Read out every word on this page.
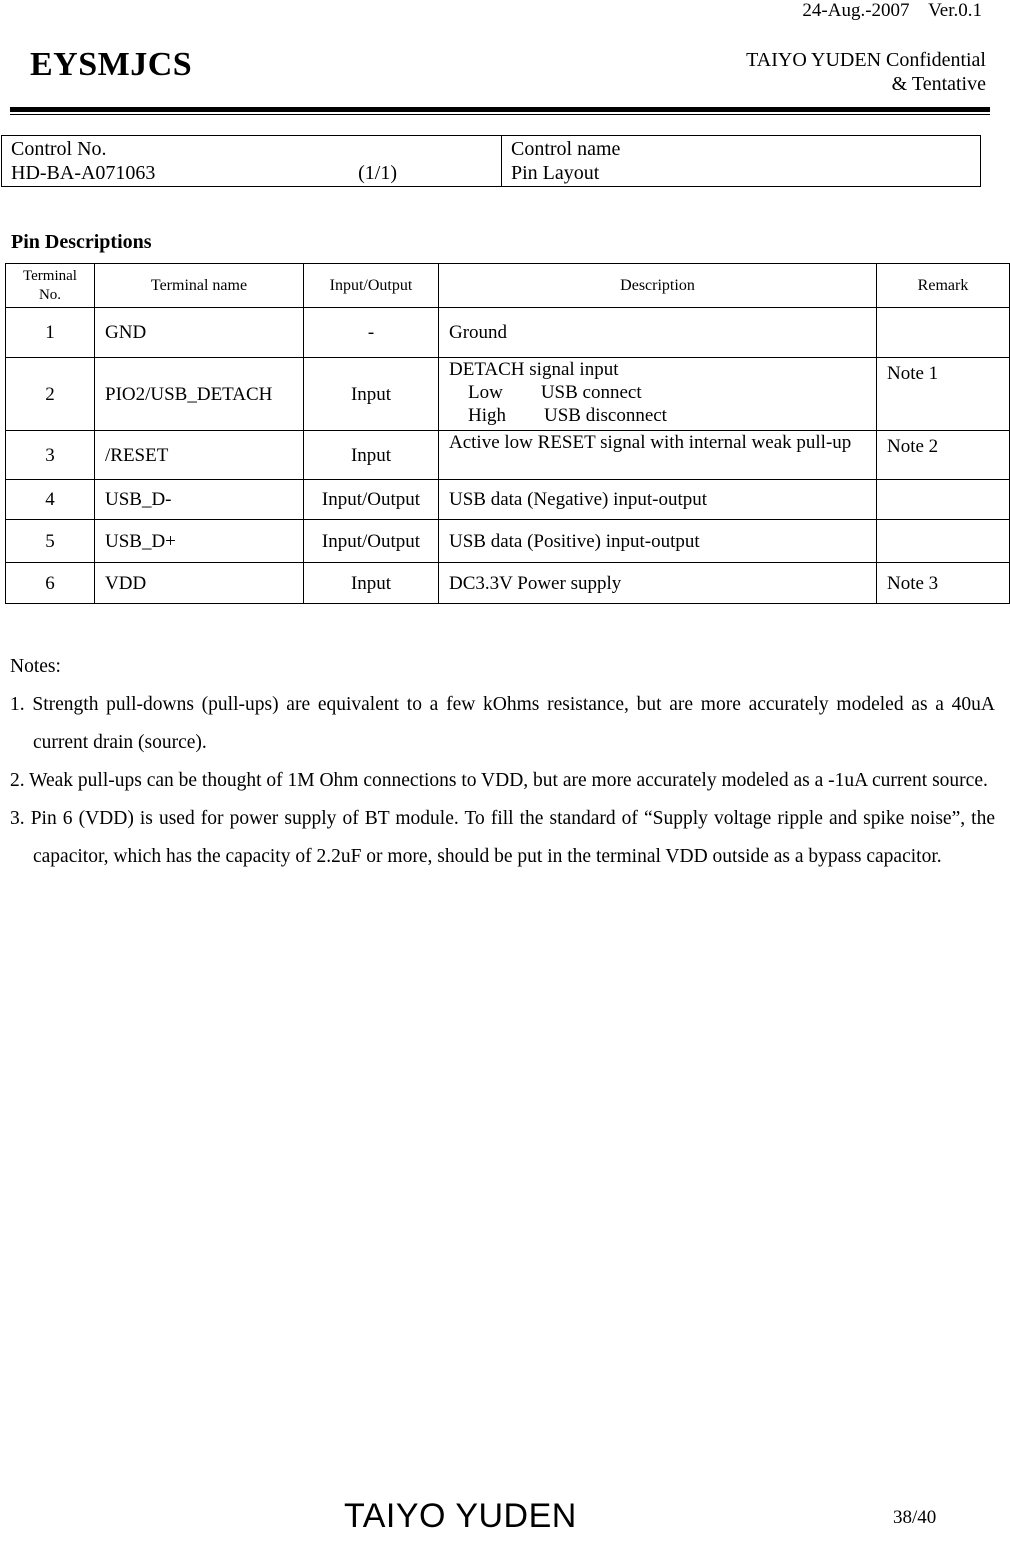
24-Aug.-2007    Ver.0.1
EYSMJCS	TAIYO YUDEN Confidential
& Tentative
Control No.
HD-BA-A071063	(1/1)

Control name
Pin Layout
Pin Descriptions
Terminal
No.	Terminal name	Input/Output	Description	Remark
1	GND	-	Ground	
2	PIO2/USB_DETACH	Input	DETACH signal input
Low        USB connect
High        USB disconnect	Note 1
3	/RESET	Input	Active low RESET signal with internal weak pull-up	Note 2
4	USB_D-	Input/Output	USB data (Negative) input-output	
5	USB_D+	Input/Output	USB data (Positive) input-output	
6	VDD	Input	DC3.3V Power supply	Note 3
Notes:
1. Strength pull-downs (pull-ups) are equivalent to a few kOhms resistance, but are more accurately modeled as a 40uA current drain (source).
2. Weak pull-ups can be thought of 1M Ohm connections to VDD, but are more accurately modeled as a -1uA current source.
3. Pin 6 (VDD) is used for power supply of BT module. To fill the standard of “Supply voltage ripple and spike noise”, the capacitor, which has the capacity of 2.2uF or more, should be put in the terminal VDD outside as a bypass capacitor.
TAIYO YUDEN	38/40
